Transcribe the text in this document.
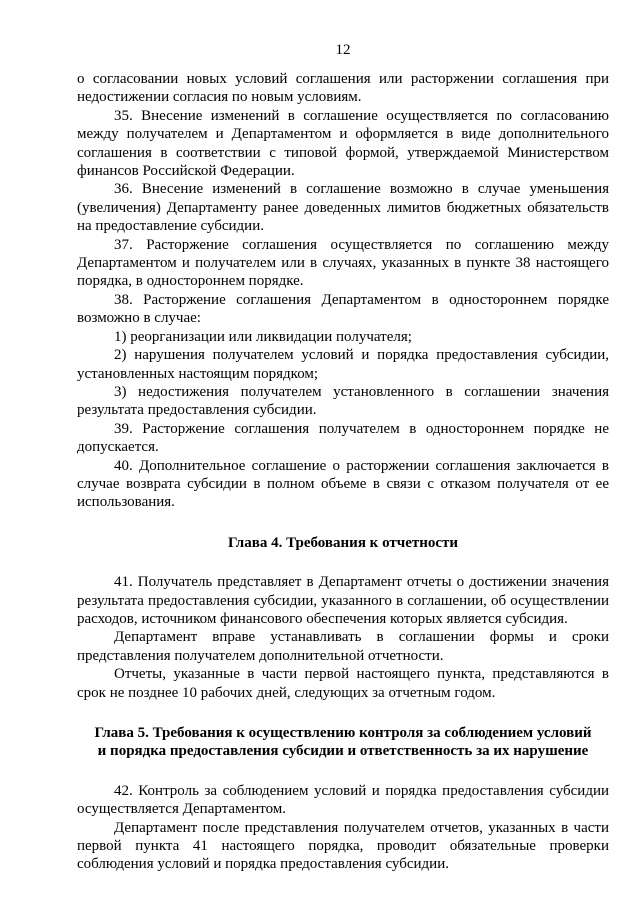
12

о согласовании новых условий соглашения или расторжении соглашения при недостижении согласия по новым условиям.

35. Внесение изменений в соглашение осуществляется по согласованию между получателем и Департаментом и оформляется в виде дополнительного соглашения в соответствии с типовой формой, утверждаемой Министерством финансов Российской Федерации.

36. Внесение изменений в соглашение возможно в случае уменьшения (увеличения) Департаменту ранее доведенных лимитов бюджетных обязательств на предоставление субсидии.

37. Расторжение соглашения осуществляется по соглашению между Департаментом и получателем или в случаях, указанных в пункте 38 настоящего порядка, в одностороннем порядке.

38. Расторжение соглашения Департаментом в одностороннем порядке возможно в случае:

1) реорганизации или ликвидации получателя;

2) нарушения получателем условий и порядка предоставления субсидии, установленных настоящим порядком;

3) недостижения получателем установленного в соглашении значения результата предоставления субсидии.

39. Расторжение соглашения получателем в одностороннем порядке не допускается.

40. Дополнительное соглашение о расторжении соглашения заключается в случае возврата субсидии в полном объеме в связи с отказом получателя от ее использования.

Глава 4. Требования к отчетности

41. Получатель представляет в Департамент отчеты о достижении значения результата предоставления субсидии, указанного в соглашении, об осуществлении расходов, источником финансового обеспечения которых является субсидия.

Департамент вправе устанавливать в соглашении формы и сроки представления получателем дополнительной отчетности.

Отчеты, указанные в части первой настоящего пункта, представляются в срок не позднее 10 рабочих дней, следующих за отчетным годом.

Глава 5. Требования к осуществлению контроля за соблюдением условий
и порядка предоставления субсидии и ответственность за их нарушение

42. Контроль за соблюдением условий и порядка предоставления субсидии осуществляется Департаментом.

Департамент после представления получателем отчетов, указанных в части первой пункта 41 настоящего порядка, проводит обязательные проверки соблюдения условий и порядка предоставления субсидии.
